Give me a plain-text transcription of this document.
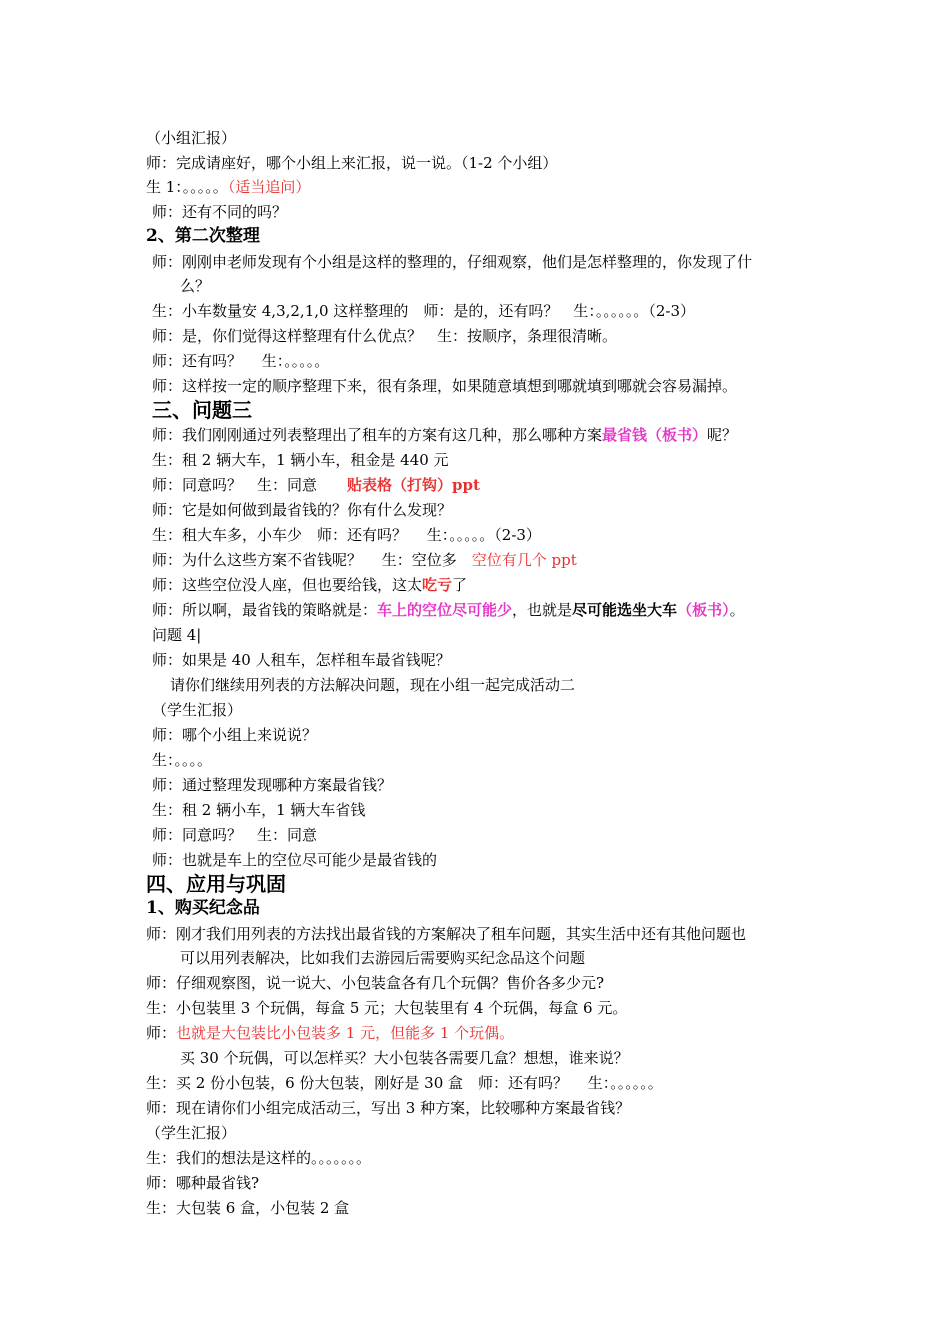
（小组汇报）
师：完成请座好，哪个小组上来汇报，说一说。（1-2 个小组）
生 1：。。。。。（适当追问）
师：还有不同的吗？
2、第二次整理
师：刚刚申老师发现有个小组是这样的整理的，仔细观察，他们是怎样整理的，你发现了什
么？
生：小车数量安 4,3,2,1,0 这样整理的　师：是的，还有吗？　生：。。。。。。（2-3）
师：是，你们觉得这样整理有什么优点？　生：按顺序，条理很清晰。
师：还有吗？　 生：。。。。。
师：这样按一定的顺序整理下来，很有条理，如果随意填想到哪就填到哪就会容易漏掉。
三、问题三
师：我们刚刚通过列表整理出了租车的方案有这几种，那么哪种方案最省钱（板书）呢？
生：租 2 辆大车，1 辆小车，租金是 440 元
师：同意吗？　生：同意　　贴表格（打钩）ppt
师：它是如何做到最省钱的？你有什么发现？
生：租大车多，小车少　师：还有吗？　 生：。。。。。（2-3）
师：为什么这些方案不省钱呢？　 生：空位多　空位有几个 ppt
师：这些空位没人座，但也要给钱，这太吃亏了
师：所以啊，最省钱的策略就是：车上的空位尽可能少，也就是尽可能选坐大车（板书）。
问题 4|
师：如果是 40 人租车，怎样租车最省钱呢？
请你们继续用列表的方法解决问题，现在小组一起完成活动二
（学生汇报）
师：哪个小组上来说说？
生：。。。。
师：通过整理发现哪种方案最省钱？
生：租 2 辆小车，1 辆大车省钱
师：同意吗？　生：同意
师：也就是车上的空位尽可能少是最省钱的
四、应用与巩固
1、购买纪念品
师：刚才我们用列表的方法找出最省钱的方案解决了租车问题，其实生活中还有其他问题也
可以用列表解决，比如我们去游园后需要购买纪念品这个问题
师：仔细观察图，说一说大、小包装盒各有几个玩偶？售价各多少元?
生：小包装里 3 个玩偶，每盒 5 元；大包装里有 4 个玩偶，每盒 6 元。
师：也就是大包装比小包装多 1 元，但能多 1 个玩偶。
买 30 个玩偶，可以怎样买？大小包装各需要几盒？想想，谁来说？
生：买 2 份小包装，6 份大包装，刚好是 30 盒　师：还有吗？　 生：。。。。。。
师：现在请你们小组完成活动三，写出 3 种方案，比较哪种方案最省钱？
（学生汇报）
生：我们的想法是这样的。。。。。。。
师：哪种最省钱?
生：大包装 6 盒，小包装 2 盒
